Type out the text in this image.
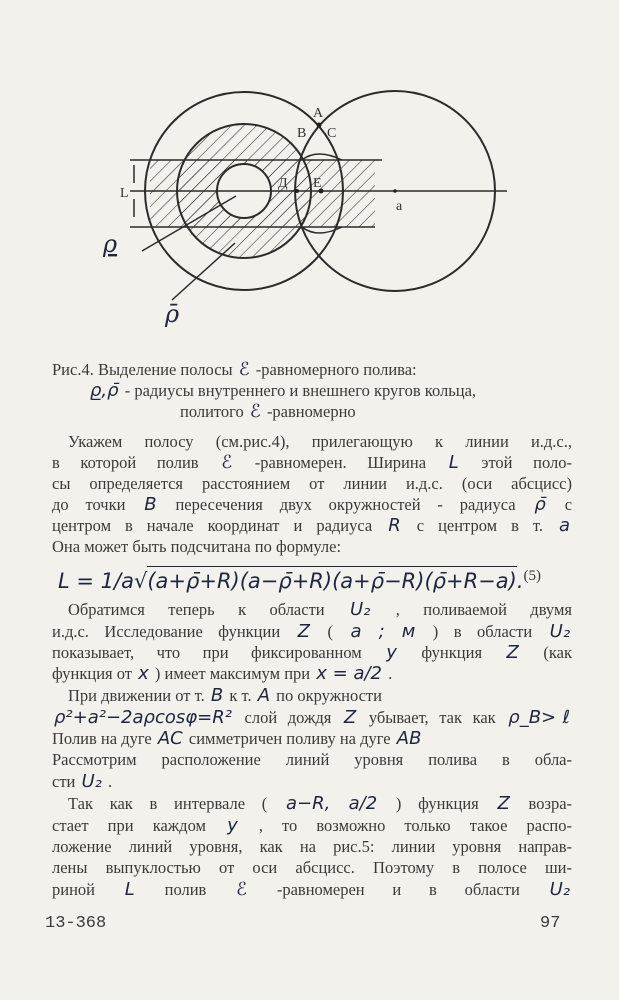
A
B C
Д E
a
L
ρ
ρ̄
Рис.4. Выделение полосы ℰ -равномерного полива:
ρ̲,ρ̄ - радиусы внутреннего и внешнего кругов кольца,
политого ℰ -равномерно
Укажем полосу (см.рис.4), прилегающую к линии и.д.с.,
в которой полив ℰ -равномерен. Ширина L этой поло-
сы определяется расстоянием от линии и.д.с. (оси абсцисс)
до точки B пересечения двух окружностей - радиуса ρ̄ с
центром в начале координат и радиуса R с центром в т. a
Она может быть подсчитана по формуле:
Обратимся теперь к области U₂ , поливаемой двумя
и.д.с. Исследование функции Z ( a ; м ) в области U₂
показывает, что при фиксированном y функция Z (как
функция от x ) имеет максимум при x = a/2 .
При движении от т. B к т. A по окружности
ρ²+a²−2aρcosφ=R² слой дождя Z убывает, так как ρ_B>ℓ
Полив на дуге AC симметричен поливу на дуге AB
Рассмотрим расположение линий уровня полива в обла-
сти U₂ .
Так как в интервале ( a−R, a/2 ) функция Z возра-
стает при каждом y , то возможно только такое распо-
ложение линий уровня, как на рис.5: линии уровня направ-
лены выпуклостью от оси абсцисс. Поэтому в полосе ши-
риной L полив ℰ -равномерен и в области U₂
L = 1/a√(a+ρ̄+R)(a−ρ̄+R)(a+ρ̄−R)(ρ̄+R−a).$^{(5)}$
13-368	97
